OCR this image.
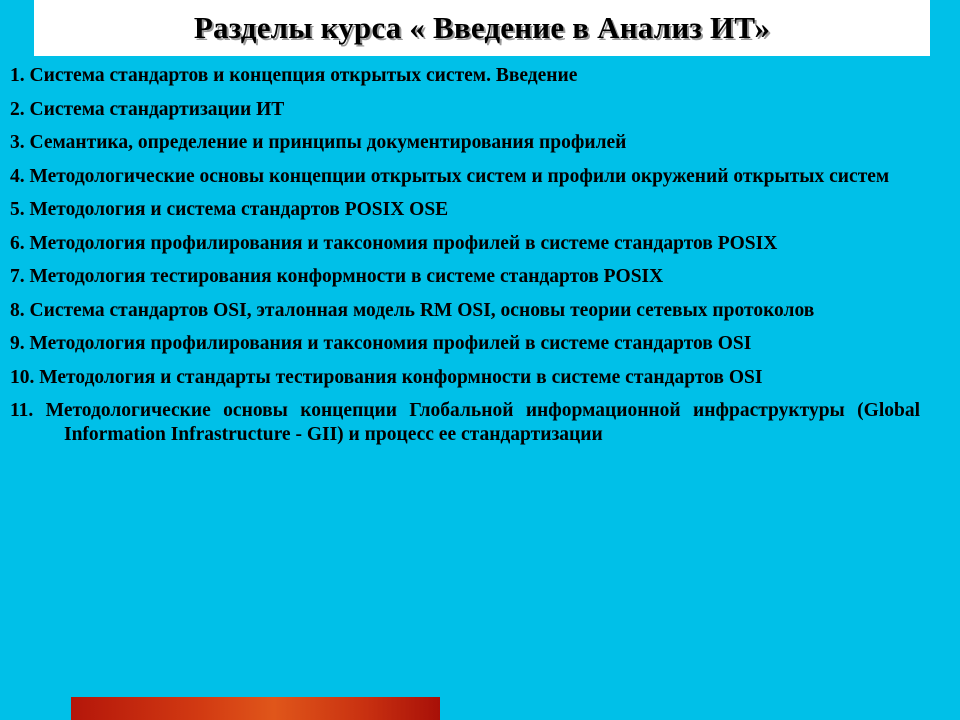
Разделы курса « Введение в Анализ ИТ»
1. Система стандартов и концепция открытых систем. Введение
2. Система стандартизации ИТ
3. Семантика, определение и принципы документирования профилей
4. Методологические основы концепции открытых систем и профили окружений открытых систем
5. Методология и система стандартов POSIX OSE
6. Методология профилирования и таксономия профилей в системе стандартов POSIX
7. Методология тестирования конформности в системе стандартов POSIX
8. Система стандартов OSI, эталонная модель RM OSI, основы теории сетевых протоколов
9. Методология профилирования и таксономия профилей в системе стандартов OSI
10. Методология и стандарты тестирования конформности в системе стандартов OSI
11. Методологические основы концепции Глобальной информационной инфраструктуры (Global Information Infrastructure - GII) и процесс ее стандартизации
